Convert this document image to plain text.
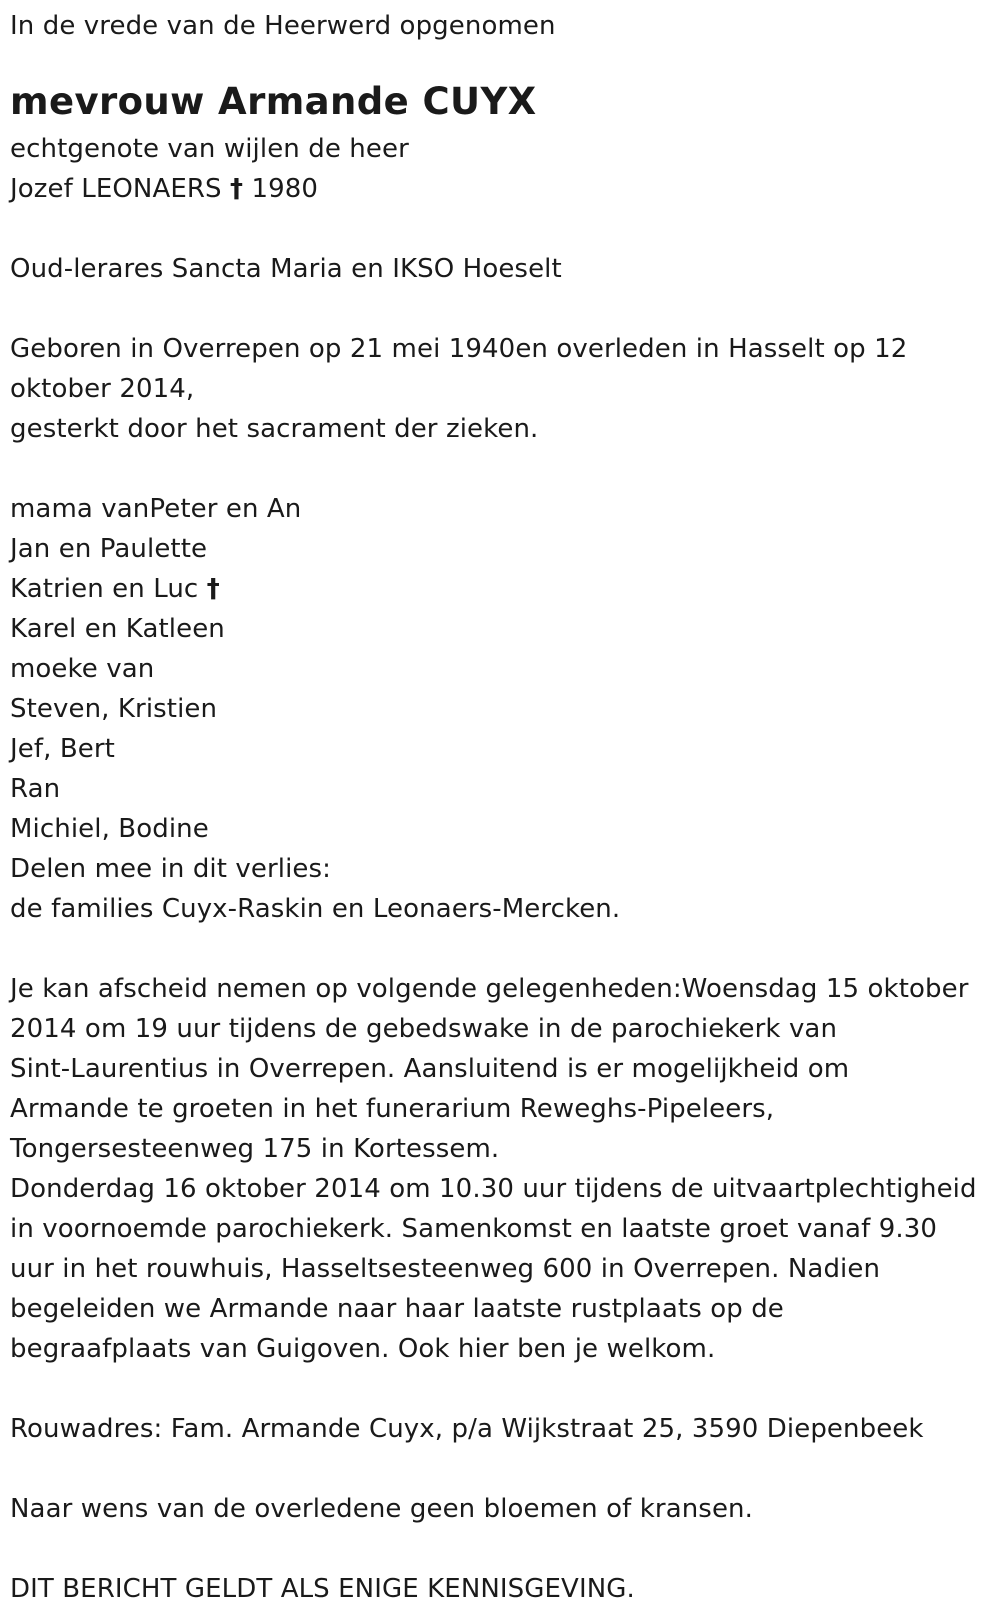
In de vrede van de Heerwerd opgenomen
mevrouw Armande CUYX
echtgenote van wijlen de heer
Jozef LEONAERS † 1980
Oud-lerares Sancta Maria en IKSO Hoeselt
Geboren in Overrepen op 21 mei 1940en overleden in Hasselt op 12
oktober 2014,
gesterkt door het sacrament der zieken.
mama vanPeter en An
Jan en Paulette
Katrien en Luc †
Karel en Katleen
moeke van
Steven, Kristien
Jef, Bert
Ran
Michiel, Bodine
Delen mee in dit verlies:
de families Cuyx-Raskin en Leonaers-Mercken.
Je kan afscheid nemen op volgende gelegenheden:Woensdag 15 oktober
2014 om 19 uur tijdens de gebedswake in de parochiekerk van
Sint-Laurentius in Overrepen. Aansluitend is er mogelijkheid om
Armande te groeten in het funerarium Reweghs-Pipeleers,
Tongersesteenweg 175 in Kortessem.
Donderdag 16 oktober 2014 om 10.30 uur tijdens de uitvaartplechtigheid
in voornoemde parochiekerk. Samenkomst en laatste groet vanaf 9.30
uur in het rouwhuis, Hasseltsesteenweg 600 in Overrepen. Nadien
begeleiden we Armande naar haar laatste rustplaats op de
begraafplaats van Guigoven. Ook hier ben je welkom.
Rouwadres: Fam. Armande Cuyx, p/a Wijkstraat 25, 3590 Diepenbeek
Naar wens van de overledene geen bloemen of kransen.
DIT BERICHT GELDT ALS ENIGE KENNISGEVING.
